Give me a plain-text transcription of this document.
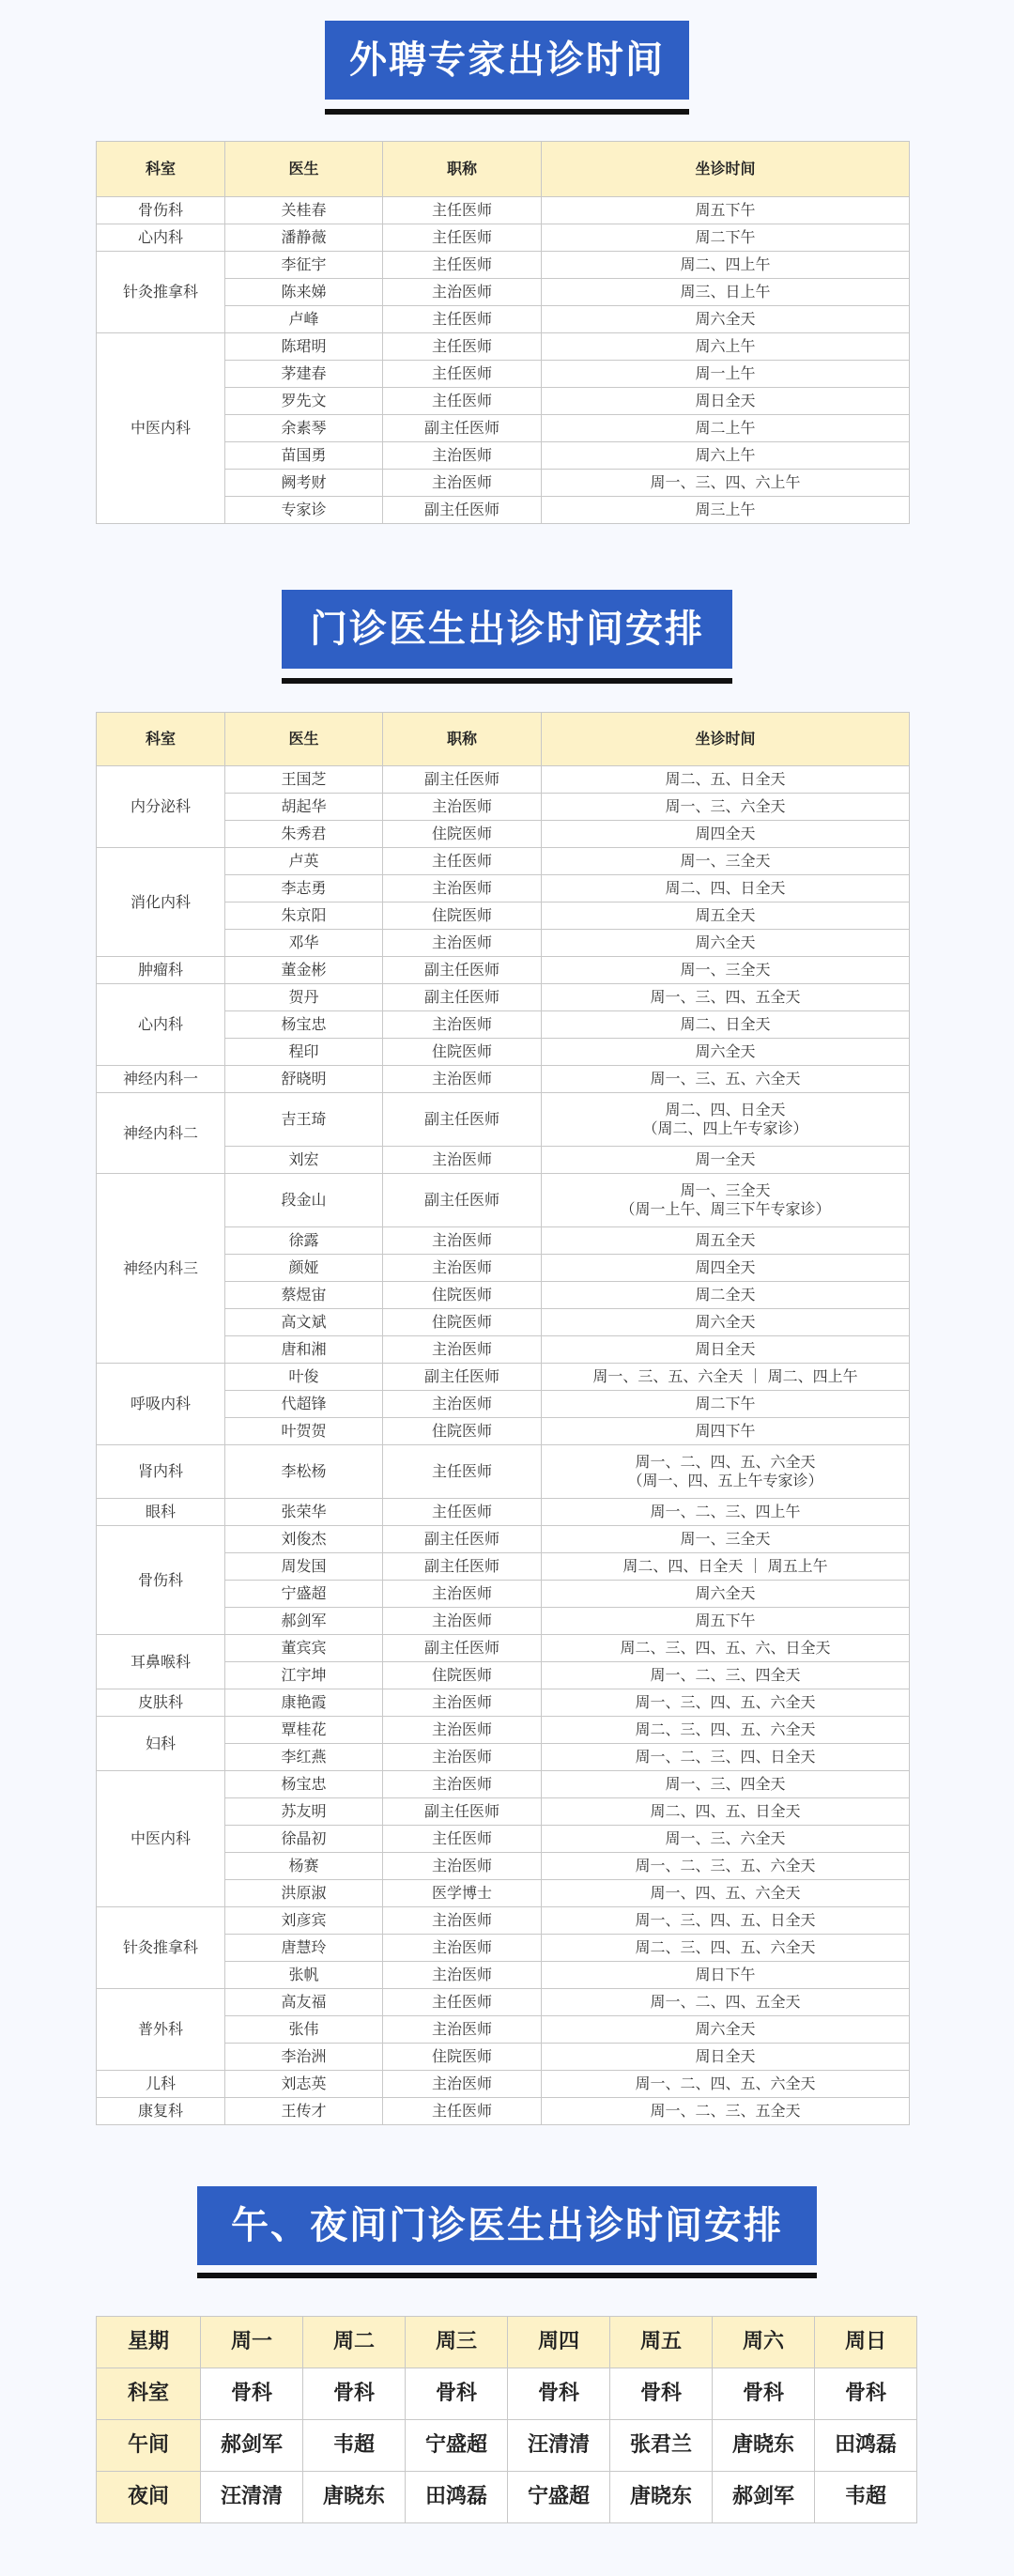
外聘专家出诊时间
科室	医生	职称	坐诊时间
骨伤科	关桂春	主任医师	周五下午

心内科	潘静薇	主任医师	周二下午

针灸推拿科	李征宇	主任医师	周二、四上午

	陈来娣	主治医师	周三、日上午

	卢峰	主任医师	周六全天

中医内科	陈珺明	主任医师	周六上午

	茅建春	主任医师	周一上午

	罗先文	主任医师	周日全天

	余素琴	副主任医师	周二上午

	苗国勇	主治医师	周六上午

	阙考财	主治医师	周一、三、四、六上午

	专家诊	副主任医师	周三上午
门诊医生出诊时间安排
科室	医生	职称	坐诊时间
内分泌科	王国芝	副主任医师	周二、五、日全天

	胡起华	主治医师	周一、三、六全天

	朱秀君	住院医师	周四全天

消化内科	卢英	主任医师	周一、三全天

	李志勇	主治医师	周二、四、日全天

	朱京阳	住院医师	周五全天

	邓华	主治医师	周六全天

肿瘤科	董金彬	副主任医师	周一、三全天

心内科	贺丹	副主任医师	周一、三、四、五全天

	杨宝忠	主治医师	周二、日全天

	程印	住院医师	周六全天

神经内科一	舒晓明	主治医师	周一、三、五、六全天

神经内科二	吉王琦	副主任医师	周二、四、日全天
（周二、四上午专家诊）

	刘宏	主治医师	周一全天

神经内科三	段金山	副主任医师	周一、三全天
（周一上午、周三下午专家诊）

	徐露	主治医师	周五全天

	颜娅	主治医师	周四全天

	蔡煜宙	住院医师	周二全天

	高文斌	住院医师	周六全天

	唐和湘	主治医师	周日全天

呼吸内科	叶俊	副主任医师	周一、三、五、六全天 ｜ 周二、四上午

	代超锋	主治医师	周二下午

	叶贺贺	住院医师	周四下午

肾内科	李松杨	主任医师	周一、二、四、五、六全天
（周一、四、五上午专家诊）

眼科	张荣华	主任医师	周一、二、三、四上午

骨伤科	刘俊杰	副主任医师	周一、三全天

	周发国	副主任医师	周二、四、日全天 ｜ 周五上午

	宁盛超	主治医师	周六全天

	郝剑军	主治医师	周五下午

耳鼻喉科	董宾宾	副主任医师	周二、三、四、五、六、日全天

	江宇坤	住院医师	周一、二、三、四全天

皮肤科	康艳霞	主治医师	周一、三、四、五、六全天

妇科	覃桂花	主治医师	周二、三、四、五、六全天

	李红燕	主治医师	周一、二、三、四、日全天

中医内科	杨宝忠	主治医师	周一、三、四全天

	苏友明	副主任医师	周二、四、五、日全天

	徐晶初	主任医师	周一、三、六全天

	杨赛	主治医师	周一、二、三、五、六全天

	洪原淑	医学博士	周一、四、五、六全天

针灸推拿科	刘彦宾	主治医师	周一、三、四、五、日全天

	唐慧玲	主治医师	周二、三、四、五、六全天

	张帆	主治医师	周日下午

普外科	高友福	主任医师	周一、二、四、五全天

	张伟	主治医师	周六全天

	李治洲	住院医师	周日全天

儿科	刘志英	主治医师	周一、二、四、五、六全天

康复科	王传才	主任医师	周一、二、三、五全天
午、夜间门诊医生出诊时间安排
星期	周一	周二	周三	周四	周五	周六	周日
科室	骨科	骨科	骨科	骨科	骨科	骨科	骨科
午间	郝剑军	韦超	宁盛超	汪清清	张君兰	唐晓东	田鸿磊
夜间	汪清清	唐晓东	田鸿磊	宁盛超	唐晓东	郝剑军	韦超
